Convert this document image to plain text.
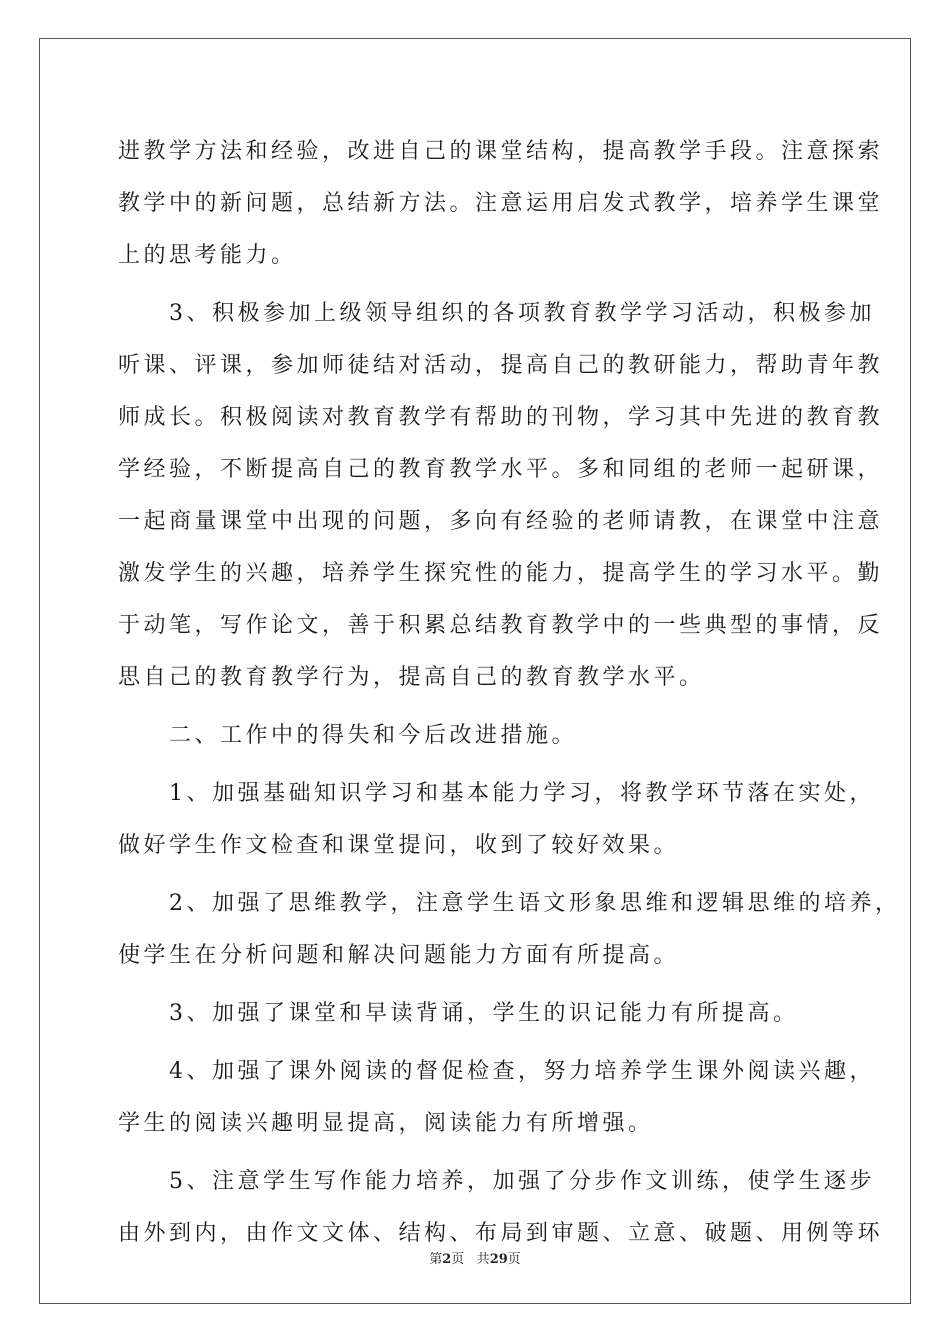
进教学方法和经验，改进自己的课堂结构，提高教学手段。注意探索
教学中的新问题，总结新方法。注意运用启发式教学，培养学生课堂
上的思考能力。
　　3、积极参加上级领导组织的各项教育教学学习活动，积极参加
听课、评课，参加师徒结对活动，提高自己的教研能力，帮助青年教
师成长。积极阅读对教育教学有帮助的刊物，学习其中先进的教育教
学经验，不断提高自己的教育教学水平。多和同组的老师一起研课，
一起商量课堂中出现的问题，多向有经验的老师请教，在课堂中注意
激发学生的兴趣，培养学生探究性的能力，提高学生的学习水平。勤
于动笔，写作论文，善于积累总结教育教学中的一些典型的事情，反
思自己的教育教学行为，提高自己的教育教学水平。
　　二、工作中的得失和今后改进措施。
　　1、加强基础知识学习和基本能力学习，将教学环节落在实处，
做好学生作文检查和课堂提问，收到了较好效果。
　　2、加强了思维教学，注意学生语文形象思维和逻辑思维的培养，
使学生在分析问题和解决问题能力方面有所提高。
　　3、加强了课堂和早读背诵，学生的识记能力有所提高。
　　4、加强了课外阅读的督促检查，努力培养学生课外阅读兴趣，
学生的阅读兴趣明显提高，阅读能力有所增强。
　　5、注意学生写作能力培养，加强了分步作文训练，使学生逐步
由外到内，由作文文体、结构、布局到审题、立意、破题、用例等环
第2页 共29页
